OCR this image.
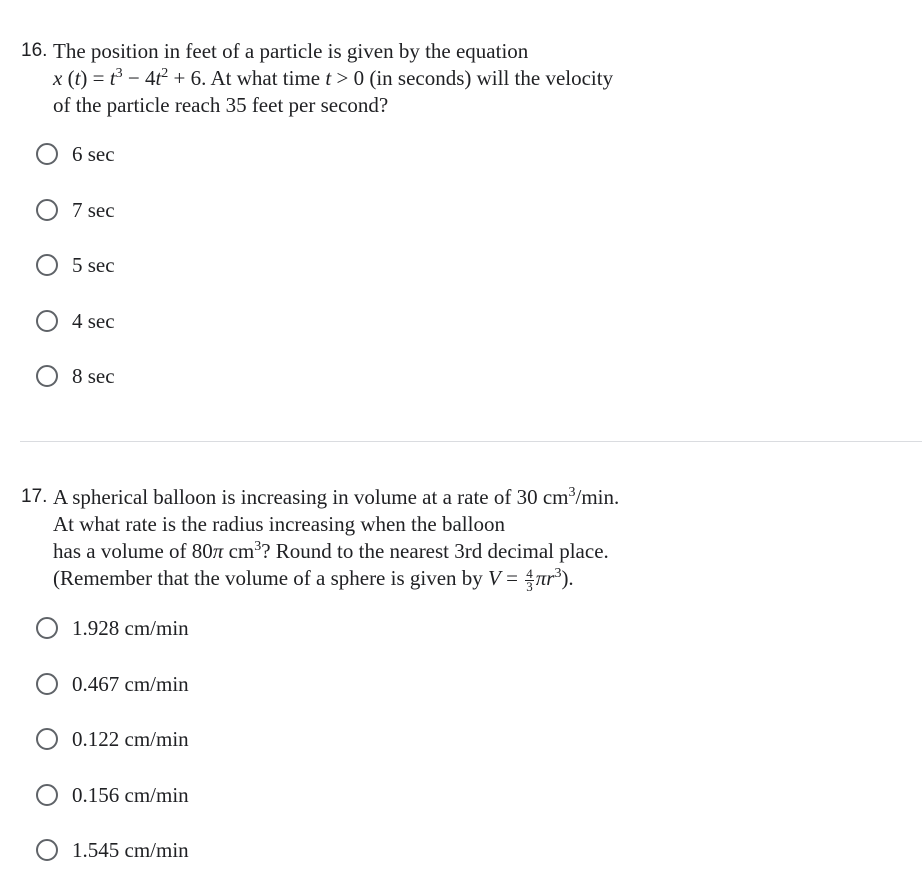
16. The position in feet of a particle is given by the equation
x $(t) = t^3 - 4t^2 + 6$. At what time t > 0 (in seconds) will the velocity
of the particle reach 35 feet per second?
6 sec
7 sec
5 sec
4 sec
8 sec
17. A spherical balloon is increasing in volume at a rate of 30 $cm^3/\min$.
At what rate is the radius increasing when the balloon
has a volume of 80π $cm^3$? Round to the nearest 3rd decimal place.
(Remember that the volume of a sphere is given by $V = \frac{4}{3} \pi r^3$).
1.928 cm/min
0.467 cm/min
0.122 cm/min
0.156 cm/min
1.545 cm/min
